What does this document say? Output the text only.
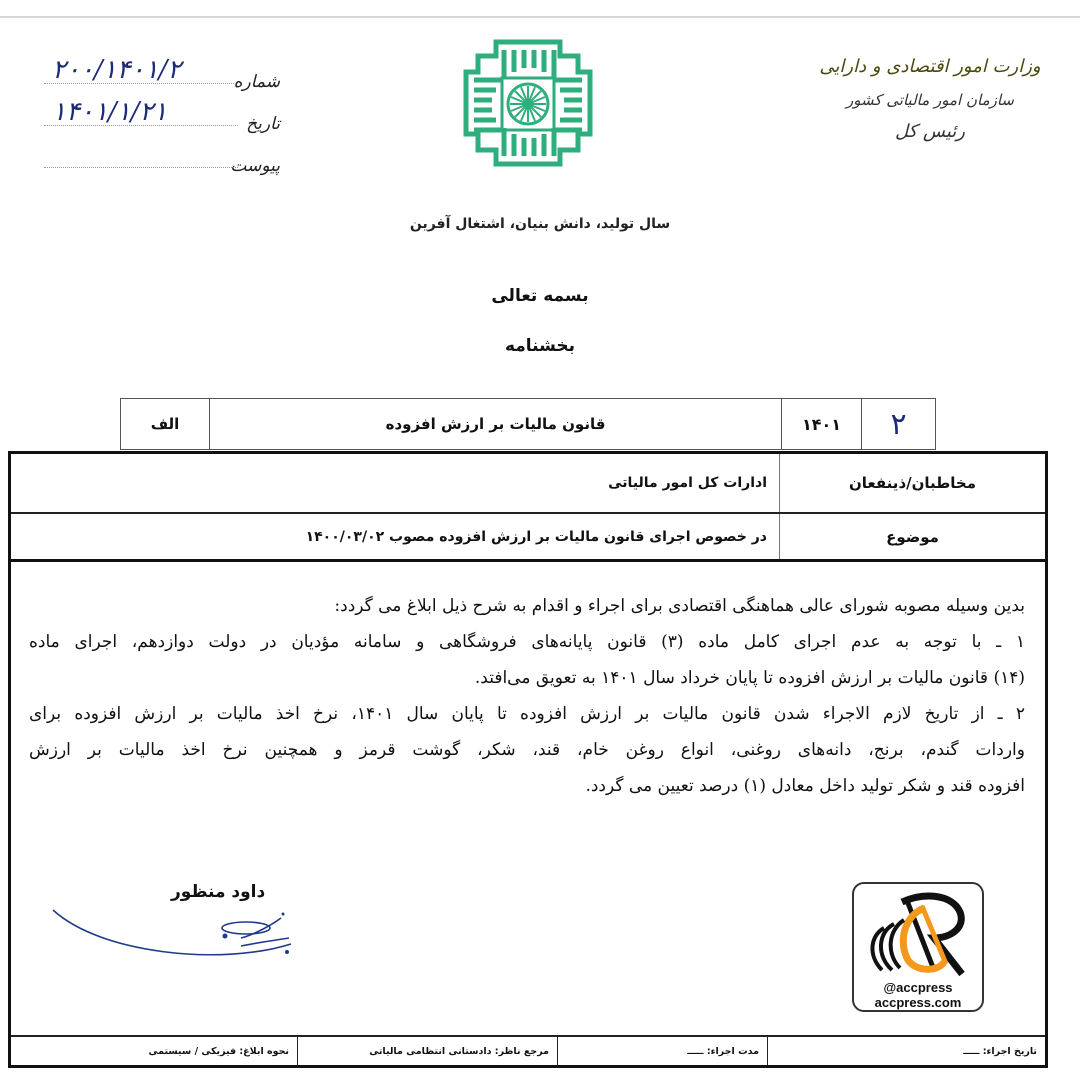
شماره
۲۰۰/۱۴۰۱/۲
تاریخ
۱۴۰۱/۱/۲۱
پیوست
وزارت امور اقتصادی و دارایی
سازمان امور مالیاتی کشور
رئیس کل
سال تولید، دانش بنیان، اشتغال آفرین
بسمه تعالی
بخشنامه
۲
۱۴۰۱
قانون مالیات بر ارزش افزوده
الف
مخاطبان/ذینفعان
ادارات کل امور مالیاتی
موضوع
در خصوص اجرای قانون مالیات بر ارزش افزوده مصوب ۱۴۰۰/۰۳/۰۲

بدین وسیله مصوبه شورای عالی هماهنگی اقتصادی برای اجراء و اقدام به شرح ذیل ابلاغ می گردد:

۱ ـ با توجه به عدم اجرای کامل ماده (۳) قانون پایانه‌های فروشگاهی و سامانه مؤدیان در دولت دوازدهم، اجرای ماده

(۱۴) قانون مالیات بر ارزش افزوده تا پایان خرداد سال ۱۴۰۱ به تعویق می‌افتد.

۲ ـ از تاریخ لازم الاجراء شدن قانون مالیات بر ارزش افزوده تا پایان سال ۱۴۰۱، نرخ اخذ مالیات بر ارزش افزوده برای

واردات گندم، برنج، دانه‌های روغنی، انواع روغن خام، قند، شکر، گوشت قرمز و همچنین نرخ اخذ مالیات بر ارزش

افزوده قند و شکر تولید داخل معادل (۱) درصد تعیین می گردد.

داود منظور
تاریخ اجراء: ـــــ
مدت اجراء: ـــــ
مرجع ناظر: دادستانی انتظامی مالیاتی
نحوه ابلاغ: فیزیکی / سیستمی
@accpress
accpress.com
